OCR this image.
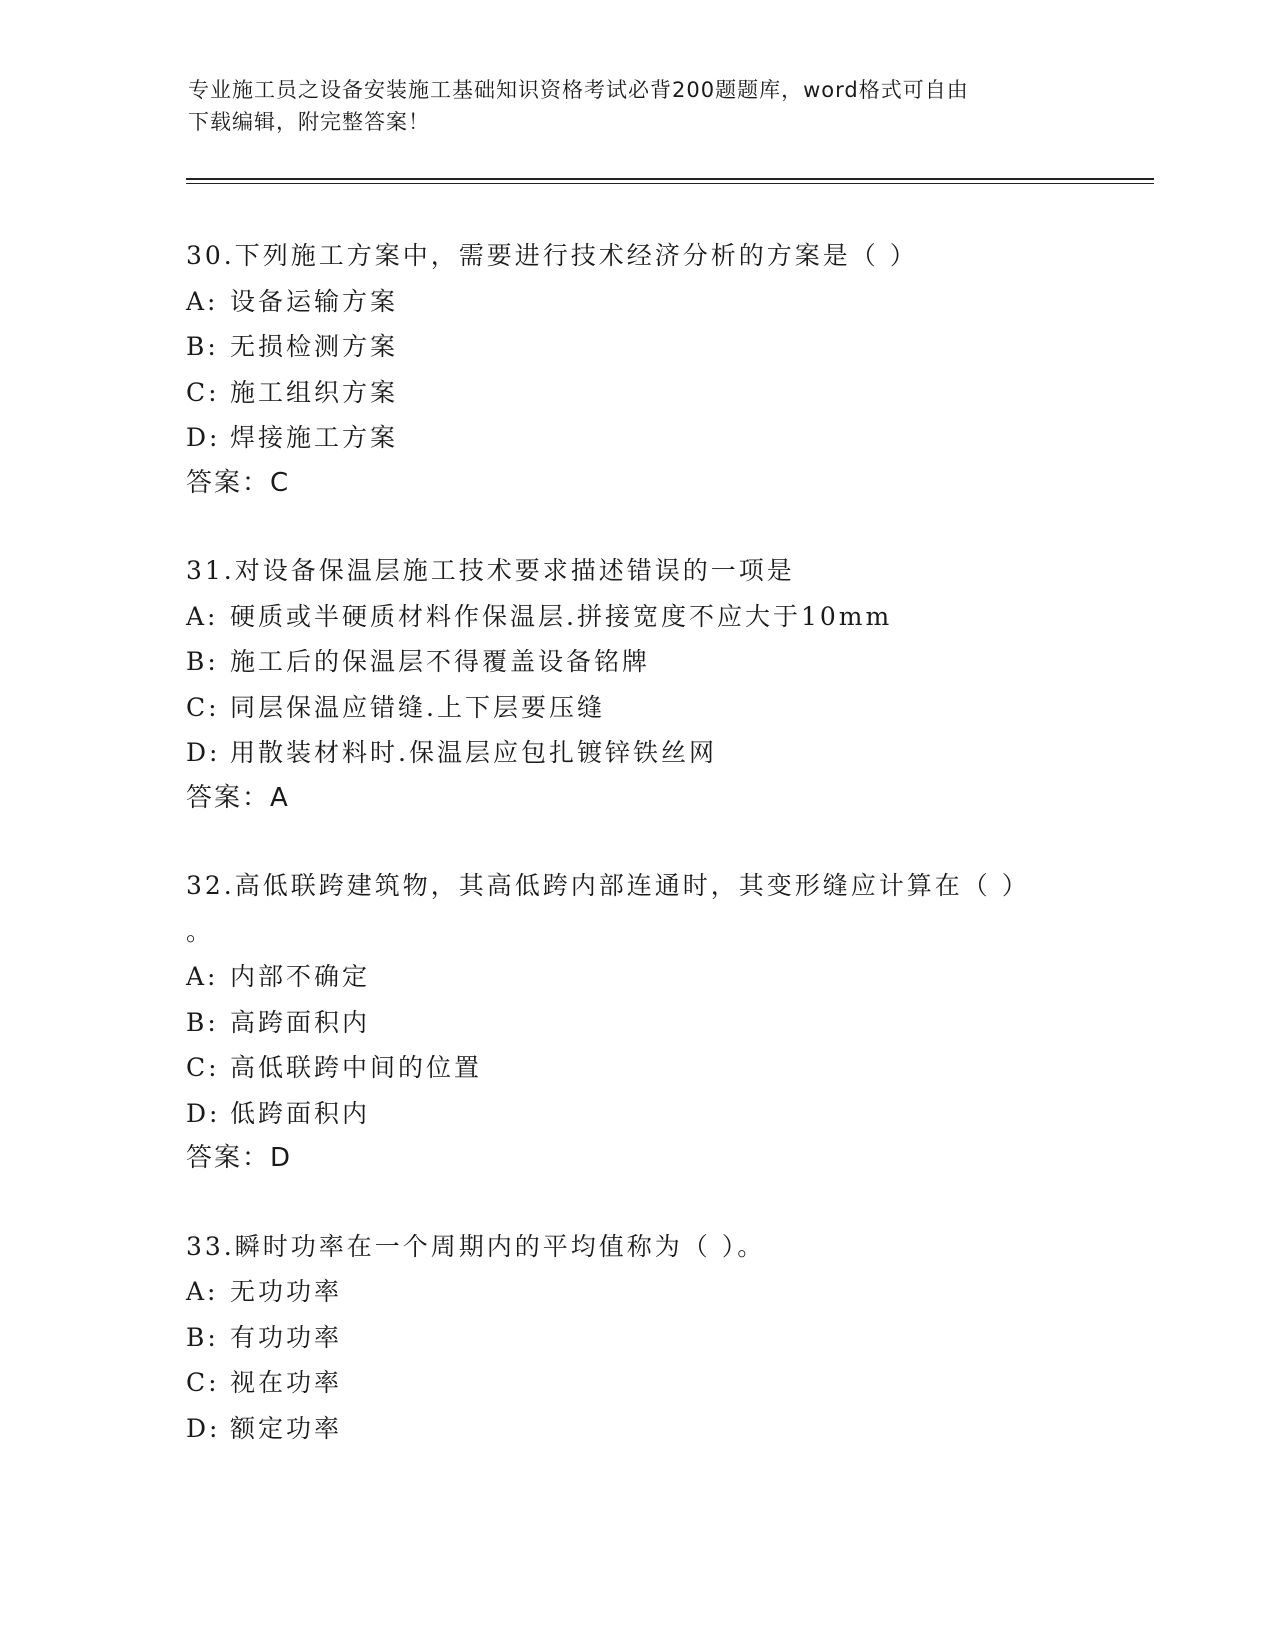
专业施工员之设备安装施工基础知识资格考试必背200题题库，word格式可自由
下载编辑，附完整答案！
30.下列施工方案中，需要进行技术经济分析的方案是（ ）
A: 设备运输方案
B: 无损检测方案
C: 施工组织方案
D: 焊接施工方案
答案：C
31.对设备保温层施工技术要求描述错误的一项是
A: 硬质或半硬质材料作保温层.拼接宽度不应大于10mm
B: 施工后的保温层不得覆盖设备铭牌
C: 同层保温应错缝.上下层要压缝
D: 用散装材料时.保温层应包扎镀锌铁丝网
答案：A
32.高低联跨建筑物，其高低跨内部连通时，其变形缝应计算在（ ）
。
A: 内部不确定
B: 高跨面积内
C: 高低联跨中间的位置
D: 低跨面积内
答案：D
33.瞬时功率在一个周期内的平均值称为（ ）。
A: 无功功率
B: 有功功率
C: 视在功率
D: 额定功率
